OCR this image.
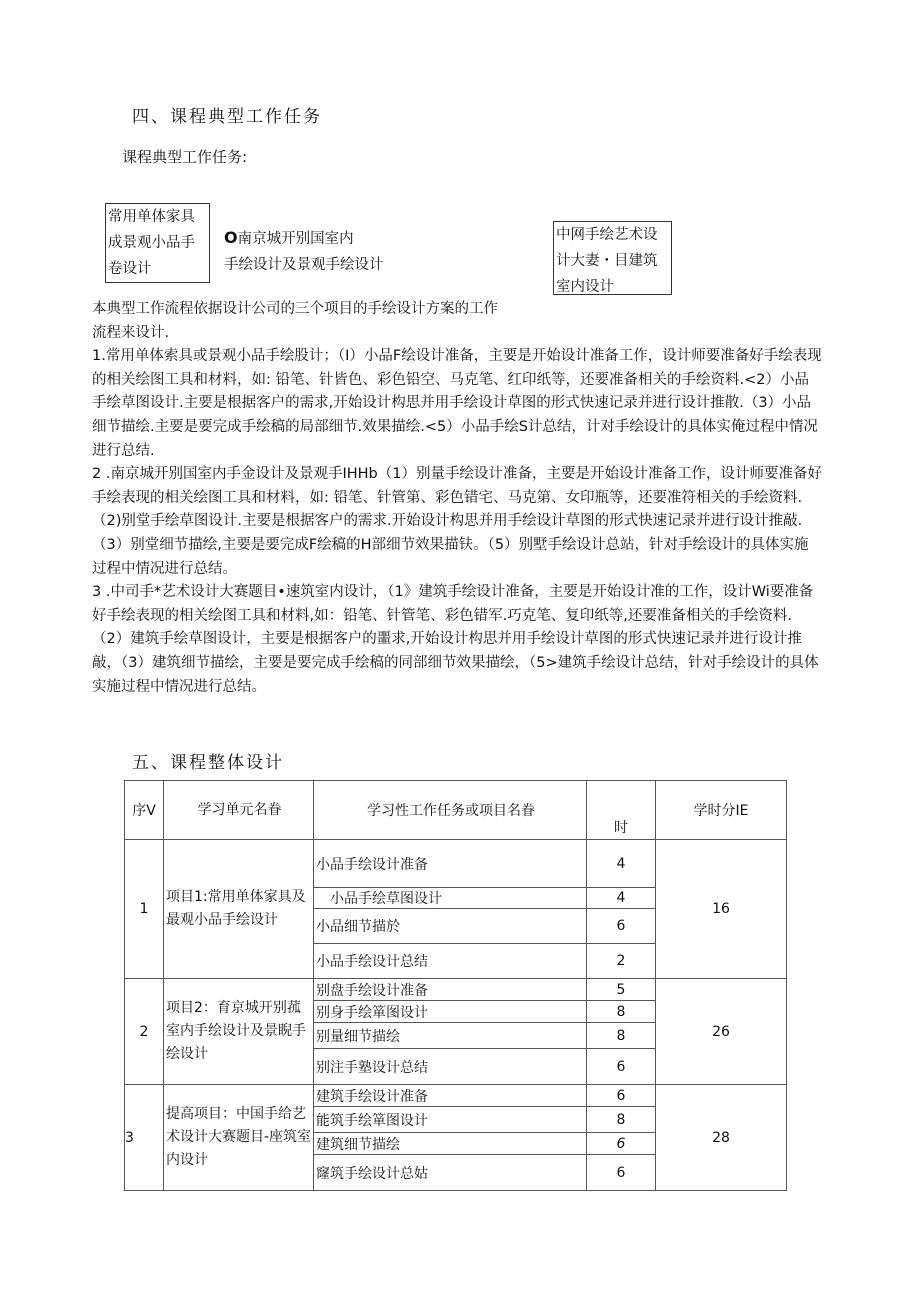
四、课程典型工作任务
课程典型工作任务:
常用单体家具
成景观小品手
卷设计
O南京城开别国室内
手绘设计及景观手绘设计
中网手绘艺术设
计大妻・目建筑
室内设计

本典型工作流程依据设计公司的三个项目的手绘设计方案的工作

流程来设计.

1.常用单体索具或景观小品手绘股计；（I）小品F绘设计准备，主要是开始设计准备工作，设计师要准备好手绘表现的相关绘图工具和材料，如: 铅笔、针皆色、彩色铅空、马克笔、红印纸等，还要准备相关的手绘资料.<2）小品手绘草图设计.主要是根据客户的需求,开始设计构思并用手绘设计草图的形式快速记录并进行设计推散.（3）小品细节描绘.主要是要完成手绘稿的局部细节.效果描绘.<5）小品手绘S计总结，计对手绘设计的具体实俺过程中情况进行总结.

2 .南京城开别国室内手金设计及景观手IHHb（1）别量手绘设计准备，主要是开始设计准备工作，设计师要准备好手绘表现的相关绘图工具和材料，如: 铅笔、针管第、彩色错宅、马克第、女印瓶等，还要准符相关的手绘资料.（2)别堂手绘草图设计.主要是根据客户的需求.开始设计构思并用手绘设计草图的形式快速记录并进行设计推敲.（3）别堂细节描绘,主要是要完成F绘稿的H部细节效果描𫓧。（5）别墅手绘设计总站，针对手绘设计的具体实施过程中情况进行总结。

3 .中司手*艺术设计大赛题目•速筑室内设计，（1》建筑手绘设计准备，主要是开始设计准的工作，设计Wi要准备好手绘表现的相关绘图工具和材料,如：铅笔、针管笔、彩色错军.巧克笔、复印纸等,还要准备相关的手绘资料.（2）建筑手绘草图设计，主要是根据客户的噩求,开始设计构思并用手绘设计草图的形式快速记录并进行设计推敲，（3）建筑细节描绘，主要是要完成手绘稿的同部细节效果描绘，（5>建筑手绘设计总结，针对手绘设计的具体实施过程中情况进行总结。

五、课程整体设计
序V	学习单元名眷	学习性工作任务或项目名眷	时	学时分IE
1	项目1:常用单体家具及最观小品手绘设计	小品手绘设计准备	4	16
		　小品手绘草图设计	4	
		小品细节描於	6	
		小品手绘设计总结	2	
2	项目2：育京城开别菰室内手绘设计及景睨手绘设计	别盘手绘设计准备	5	26
		别身手绘箪图设计	8	
		别量细节描绘	8	
		别注手塾设计总结	6	
3	提高项目：中国手给艺术设计大赛题目-座筑室内设计	建筑手绘设计准备	6	28
		能筑手绘箪图设计	8	
		建筑细节描绘	6	
		窿筑手绘设计总姑	6	
